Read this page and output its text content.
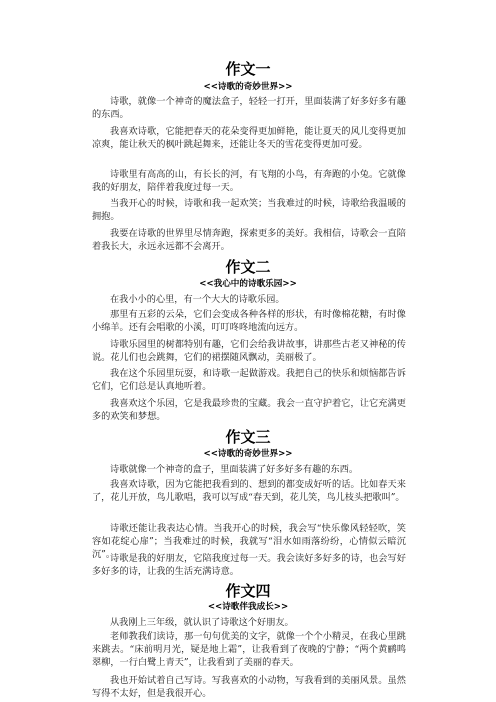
作文一
<<诗歌的奇妙世界>>

诗歌，就像一个神奇的魔法盒子，轻轻一打开，里面装满了好多好多有趣的东西。

我喜欢诗歌，它能把春天的花朵变得更加鲜艳，能让夏天的风儿变得更加凉爽，能让秋天的枫叶跳起舞来，还能让冬天的雪花变得更加可爱。

诗歌里有高高的山，有长长的河，有飞翔的小鸟，有奔跑的小兔。它就像我的好朋友，陪伴着我度过每一天。

当我开心的时候，诗歌和我一起欢笑；当我难过的时候，诗歌给我温暖的拥抱。

我要在诗歌的世界里尽情奔跑，探索更多的美好。我相信，诗歌会一直陪着我长大，永远永远都不会离开。

作文二
<<我心中的诗歌乐园>>

在我小小的心里，有一个大大的诗歌乐园。

那里有五彩的云朵，它们会变成各种各样的形状，有时像棉花糖，有时像小绵羊。还有会唱歌的小溪，叮叮咚咚地流向远方。

诗歌乐园里的树都特别有趣，它们会给我讲故事，讲那些古老又神秘的传说。花儿们也会跳舞，它们的裙摆随风飘动，美丽极了。

我在这个乐园里玩耍，和诗歌一起做游戏。我把自己的快乐和烦恼都告诉它们，它们总是认真地听着。

我喜欢这个乐园，它是我最珍贵的宝藏。我会一直守护着它，让它充满更多的欢笑和梦想。

作文三
<<诗歌的奇妙世界>>

诗歌就像一个神奇的盒子，里面装满了好多好多有趣的东西。

我喜欢诗歌，因为它能把我看到的、想到的都变成好听的话。比如春天来了，花儿开放，鸟儿歌唱，我可以写成“春天到，花儿笑，鸟儿枝头把歌叫”。

诗歌还能让我表达心情。当我开心的时候，我会写“快乐像风轻轻吹，笑容如花绽心扉”；当我难过的时候，我就写“泪水如雨落纷纷，心情似云暗沉沉”。

诗歌是我的好朋友，它陪我度过每一天。我会读好多好多的诗，也会写好多好多的诗，让我的生活充满诗意。

作文四
<<诗歌伴我成长>>

从我刚上三年级，就认识了诗歌这个好朋友。

老师教我们读诗，那一句句优美的文字，就像一个个小精灵，在我心里跳来跳去。“床前明月光，疑是地上霜”，让我看到了夜晚的宁静；“两个黄鹂鸣翠柳，一行白鹭上青天”，让我看到了美丽的春天。

我也开始试着自己写诗。写我喜欢的小动物，写我看到的美丽风景。虽然写得不太好，但是我很开心。
